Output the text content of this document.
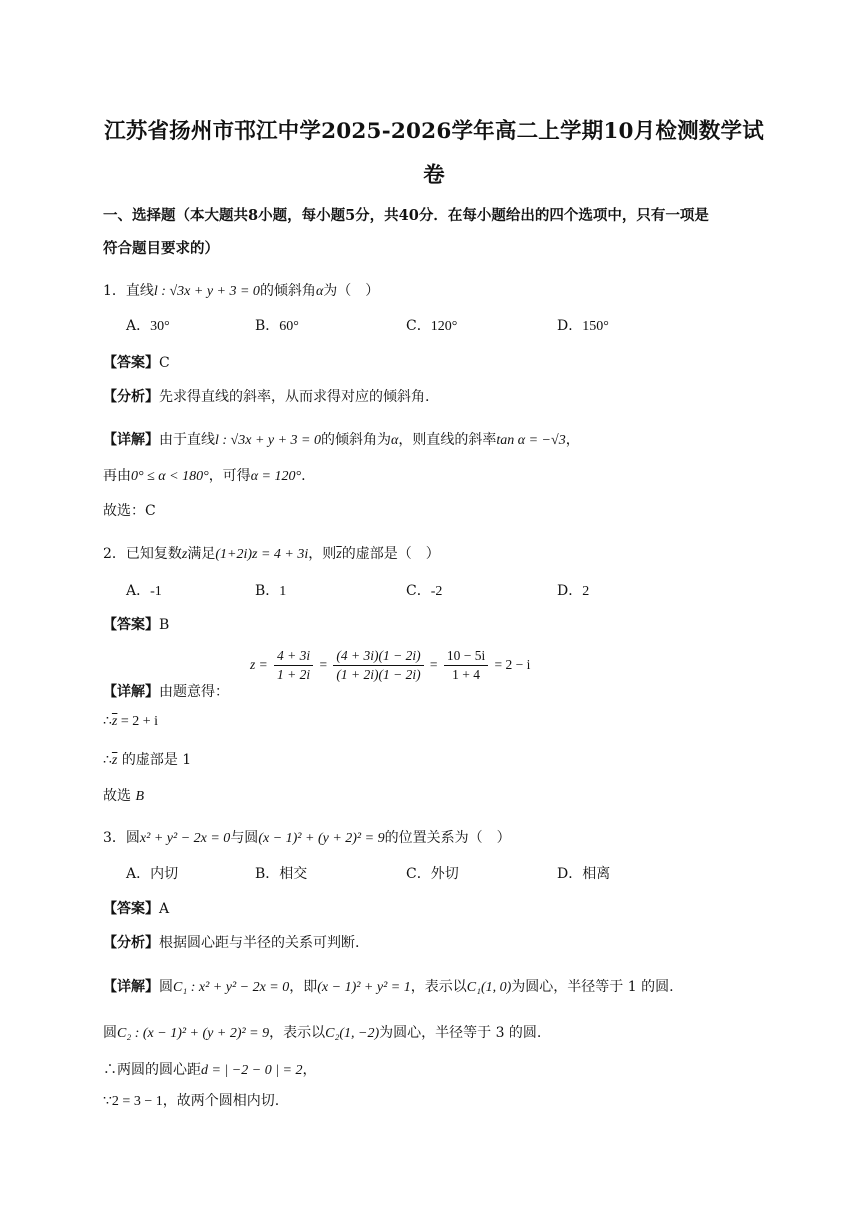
江苏省扬州市邗江中学2025-2026学年高二上学期10月检测数学试
卷
一、选择题（本大题共8小题，每小题5分，共40分．在每小题给出的四个选项中，只有一项是
符合题目要求的）
1．直线l : √3x + y + 3 = 0的倾斜角α为（　）
A．30°	B．60°	C．120°	D．150°
【答案】C
【分析】先求得直线的斜率，从而求得对应的倾斜角.
【详解】由于直线l : √3x + y + 3 = 0的倾斜角为α，则直线的斜率tan α = −√3，
再由0° ≤ α < 180°，可得α = 120°.
故选：C
2．已知复数z满足(1+2i)z = 4 + 3i，则$\overline{z}$的虚部是（　）
A．-1	B．1	C．-2	D．2
【答案】B
【详解】由题意得：
$z = \frac{4 + 3i}{1 + 2i} = \frac{(4 + 3i)(1 - 2i)}{(1 + 2i)(1 - 2i)} = \frac{10 - 5i}{1 + 4} = 2 - i$
$\therefore\overline{z} = 2 + i$
$\therefore\overline{z}$ 的虚部是 1
故选 B
3．圆x² + y² − 2x = 0与圆(x − 1)² + (y + 2)² = 9的位置关系为（　）
A．内切	B．相交	C．外切	D．相离
【答案】A
【分析】根据圆心距与半径的关系可判断.
【详解】圆C₁ : x² + y² − 2x = 0，即(x − 1)² + y² = 1，表示以C₁(1, 0)为圆心，半径等于 1 的圆.
圆C₂ : (x − 1)² + (y + 2)² = 9，表示以C₂(1, −2)为圆心，半径等于 3 的圆.
∴两圆的圆心距d = | −2 − 0 | = 2，
∵2 = 3 − 1，故两个圆相内切.
